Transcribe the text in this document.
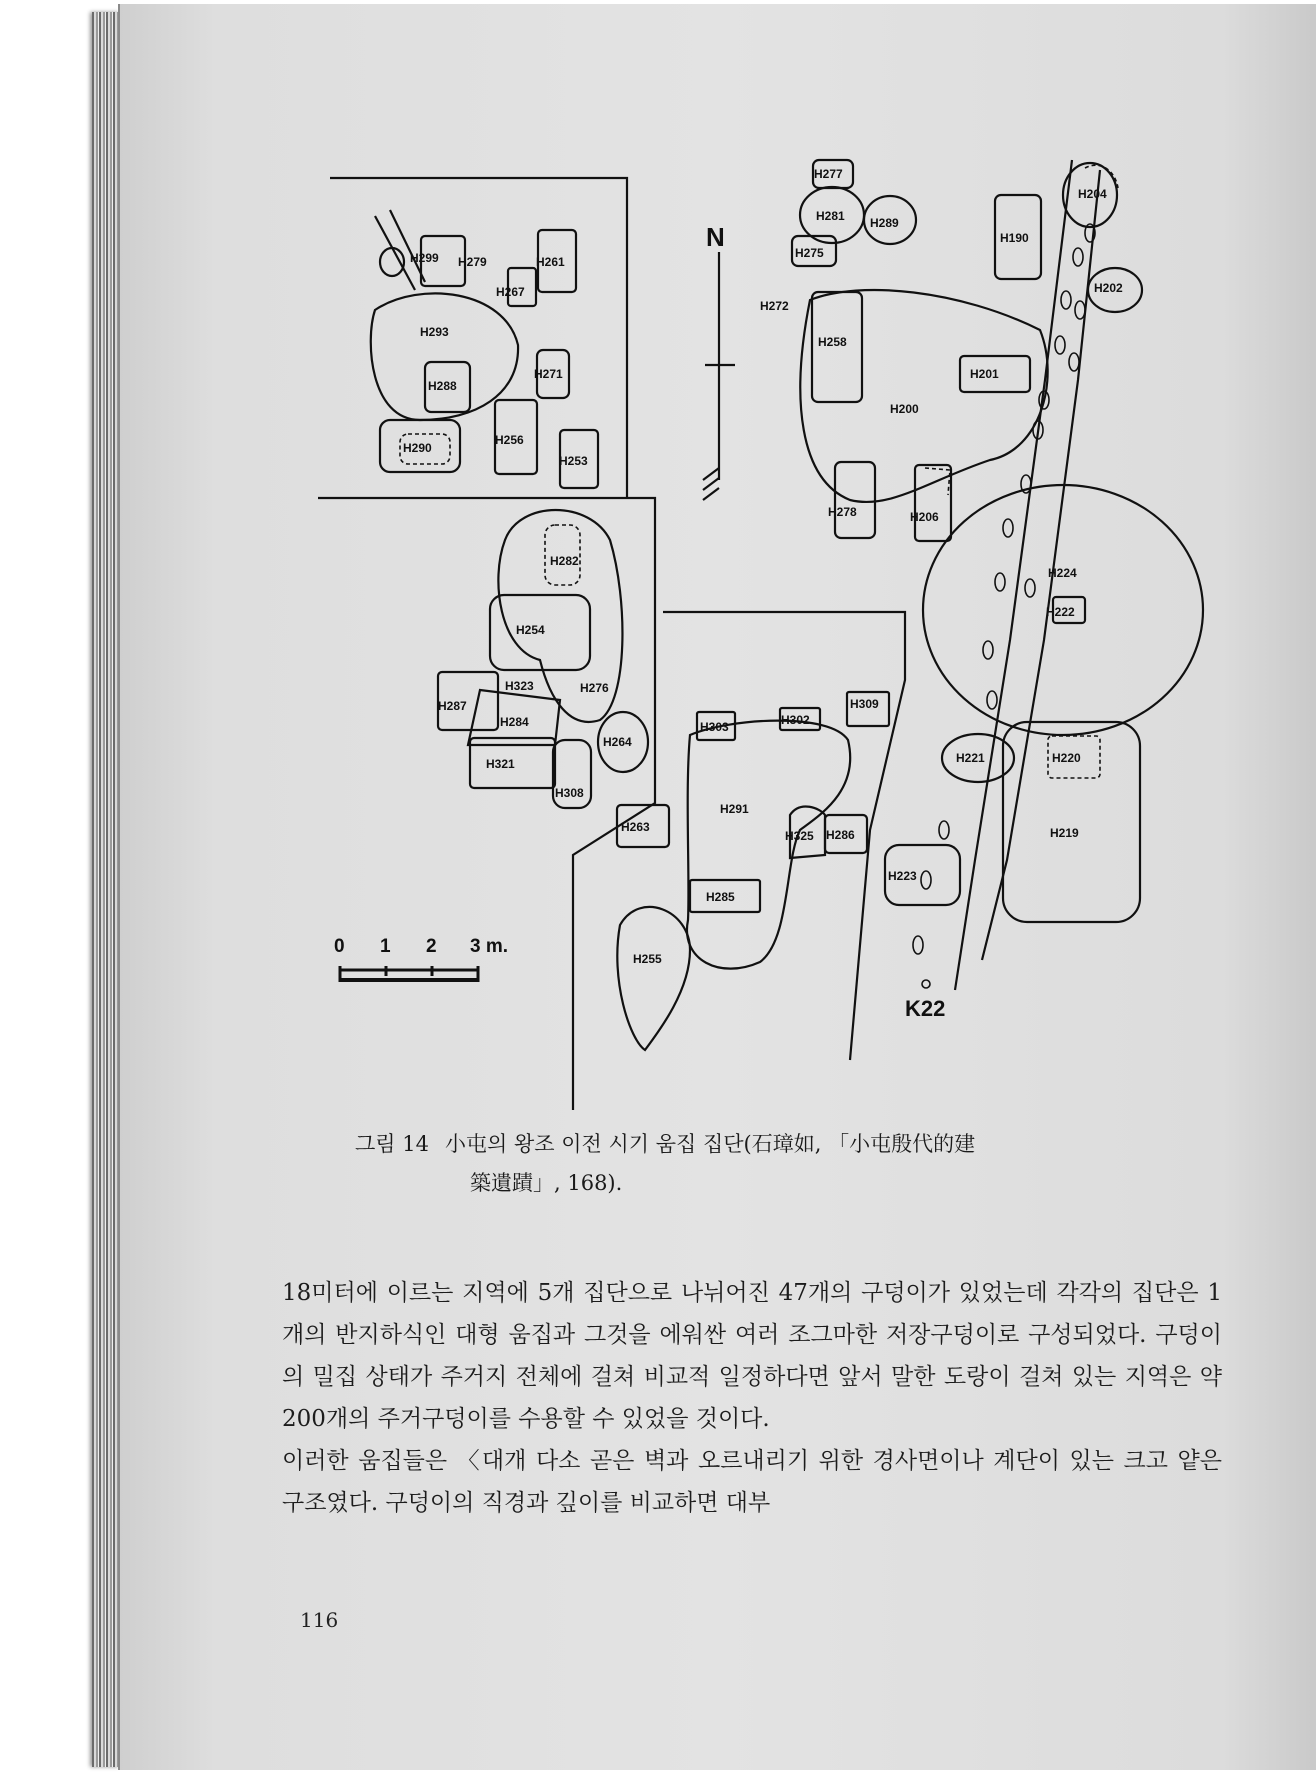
0 1 2 3 m.
N
H277
H281 H289
H275
H204
H190
H202
H299 H279	H261
H267
H293
H288
H271
H290
H256
H253
H272
H258
H201
H200
H278	H206
H224
H222
H282
H254
H323	H276
H287
H284
H264
H321
H308
H303	H302
H309
H221	H220
H263
H291
H325 H286	H219
H223
H285
H255
K22
그림 14 小屯의 왕조 이전 시기 움집 집단(石璋如, 「小屯殷代的建
築遺蹟」, 168).

18미터에 이르는 지역에 5개 집단으로 나뉘어진 47개의 구덩이가 있었는데 각각의 집단은 1개의 반지하식인 대형 움집과 그것을 에워싼 여러 조그마한 저장구덩이로 구성되었다. 구덩이의 밀집 상태가 주거지 전체에 걸쳐 비교적 일정하다면 앞서 말한 도랑이 걸쳐 있는 지역은 약 200개의 주거구덩이를 수용할 수 있었을 것이다.

이러한 움집들은 〈대개 다소 곧은 벽과 오르내리기 위한 경사면이나 계단이 있는 크고 얕은 구조였다. 구덩이의 직경과 깊이를 비교하면 대부

116
